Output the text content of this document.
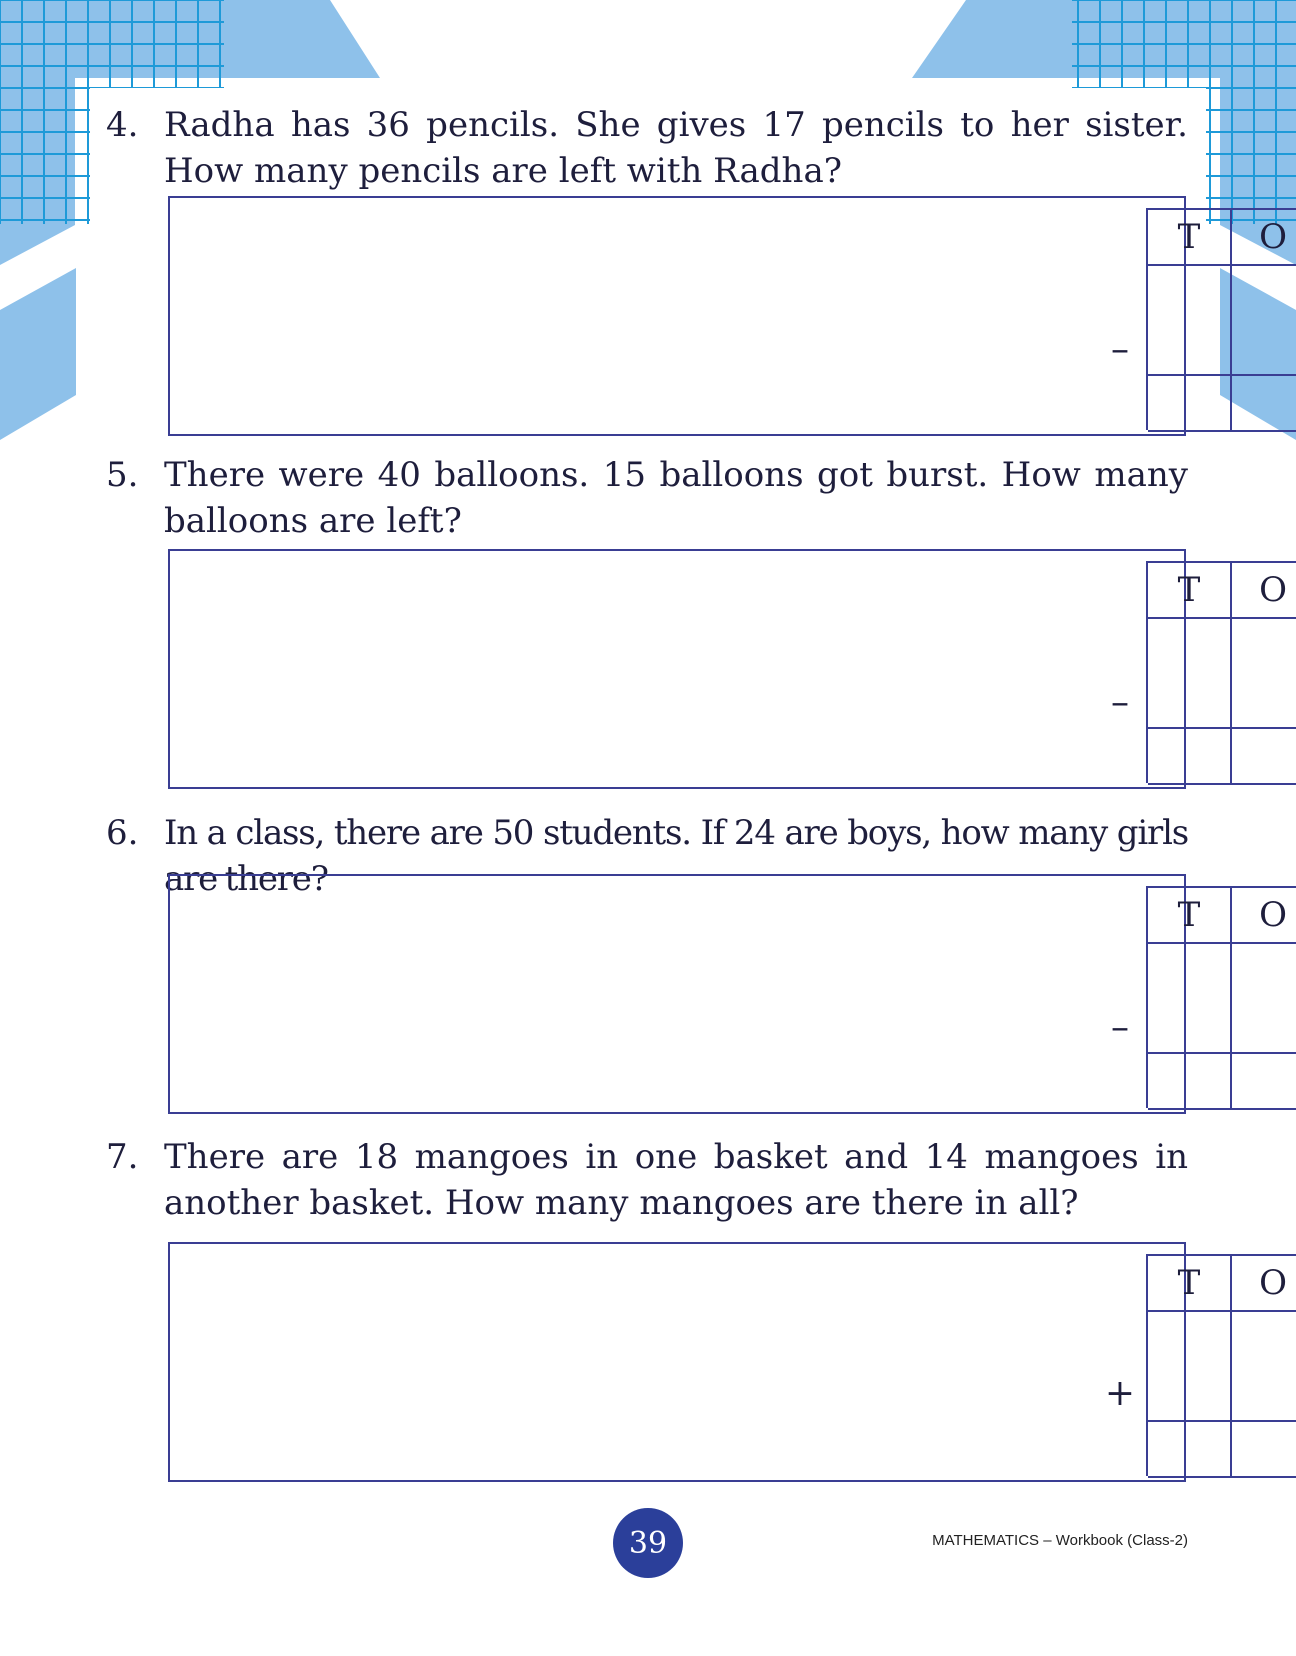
4. Radha has 36 pencils. She gives 17 pencils to her sister. How many pencils are left with Radha?
–
T	O
5. There were 40 balloons. 15 balloons got burst. How many balloons are left?
–
T	O
6. In a class, there are 50 students. If 24 are boys, how many girls are there?
–
T	O
7. There are 18 mangoes in one basket and 14 mangoes in another basket. How many mangoes are there in all?
+
T	O
39	MATHEMATICS – Workbook (Class-2)
